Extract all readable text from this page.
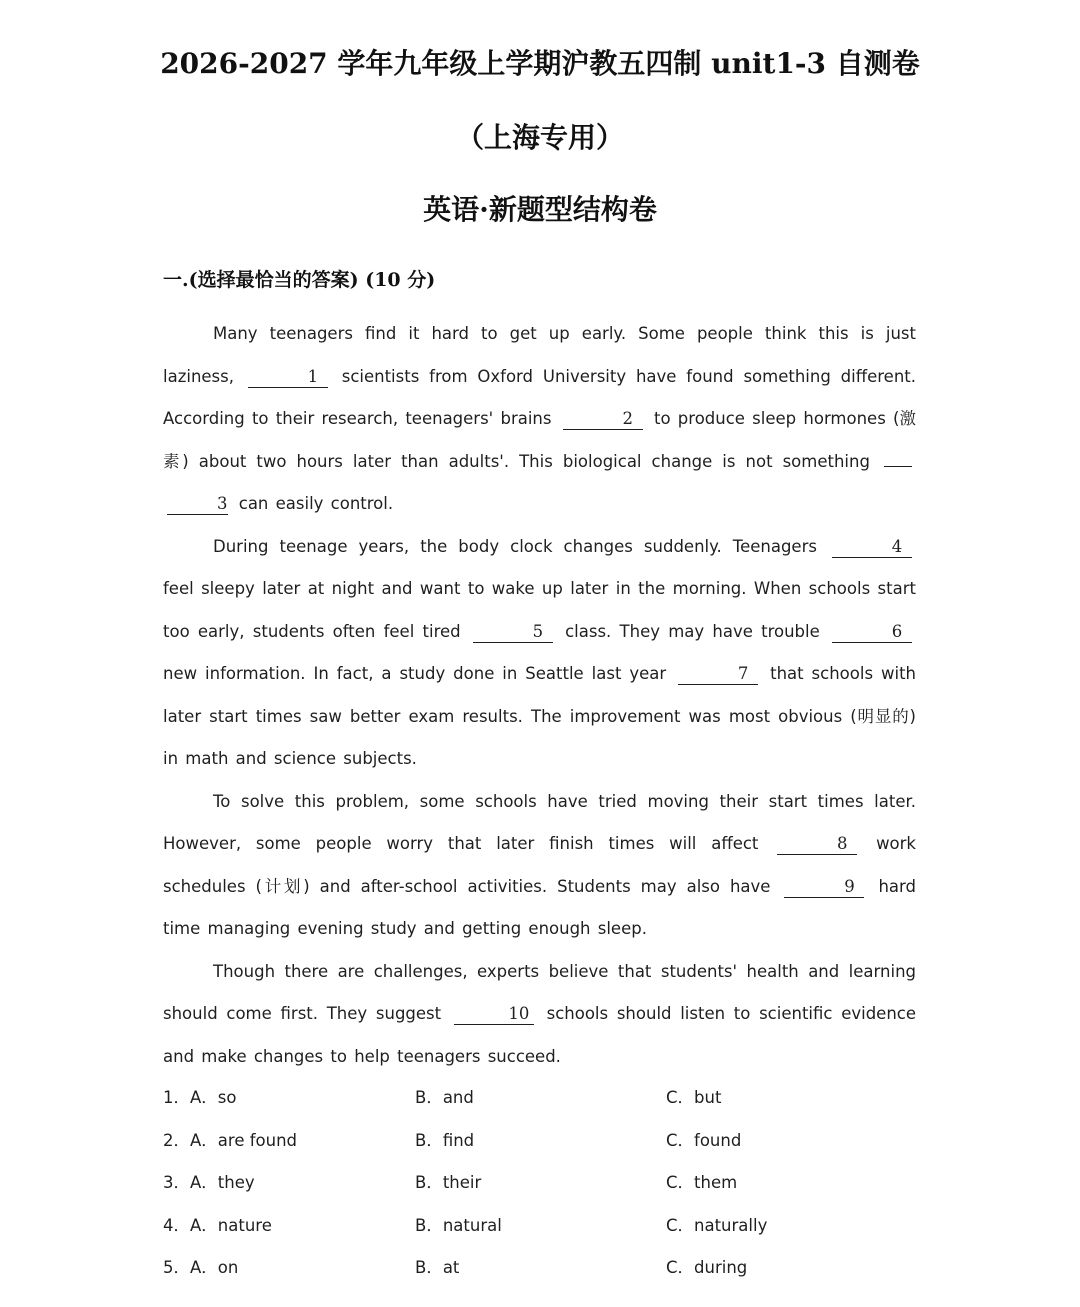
2026-2027 学年九年级上学期沪教五四制 unit1-3 自测卷
（上海专用）
英语·新题型结构卷
一.(选择最恰当的答案) (10 分)

Many teenagers find it hard to get up early. Some people think this is just laziness,	1 scientists from Oxford University have found something different. According to their research, teenagers' brains	2 to produce sleep hormones (激素) about two hours later than adults'. This biological change is not something  3 can easily control.

During teenage years, the body clock changes suddenly. Teenagers	4 feel sleepy later at night and want to wake up later in the morning. When schools start too early, students often feel tired	5 class. They may have trouble	6 new information. In fact, a study done in Seattle last year	7 that schools with later start times saw better exam results. The improvement was most obvious (明显的) in math and science subjects.

To solve this problem, some schools have tried moving their start times later. However, some people worry that later finish times will affect	8 work schedules (计划) and after-school activities. Students may also have	9 hard time managing evening study and getting enough sleep.

Though there are challenges, experts believe that students' health and learning should come first. They suggest	10 schools should listen to scientific evidence and make changes to help teenagers succeed.

1．A．so	B．and	C．but
2．A．are found	B．find	C．found
3．A．they	B．their	C．them
4．A．nature	B．natural	C．naturally
5．A．on	B．at	C．during
